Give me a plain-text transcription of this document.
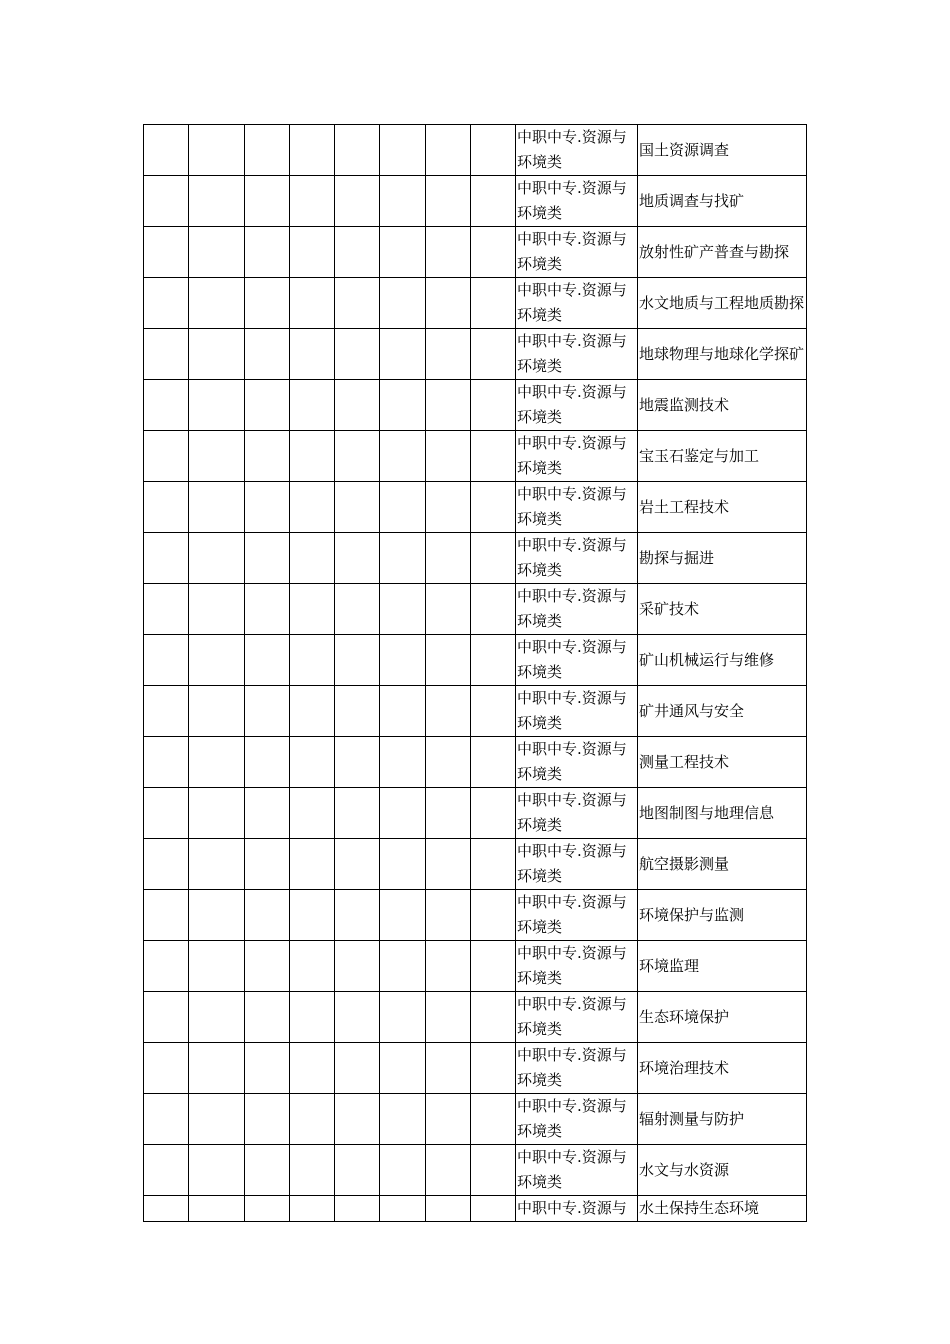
								中职中专.资源与环境类	国土资源调查
								中职中专.资源与环境类	地质调查与找矿
								中职中专.资源与环境类	放射性矿产普查与勘探
								中职中专.资源与环境类	水文地质与工程地质勘探
								中职中专.资源与环境类	地球物理与地球化学探矿
								中职中专.资源与环境类	地震监测技术
								中职中专.资源与环境类	宝玉石鉴定与加工
								中职中专.资源与环境类	岩土工程技术
								中职中专.资源与环境类	勘探与掘进
								中职中专.资源与环境类	采矿技术
								中职中专.资源与环境类	矿山机械运行与维修
								中职中专.资源与环境类	矿井通风与安全
								中职中专.资源与环境类	测量工程技术
								中职中专.资源与环境类	地图制图与地理信息
								中职中专.资源与环境类	航空摄影测量
								中职中专.资源与环境类	环境保护与监测
								中职中专.资源与环境类	环境监理
								中职中专.资源与环境类	生态环境保护
								中职中专.资源与环境类	环境治理技术
								中职中专.资源与环境类	辐射测量与防护
								中职中专.资源与环境类	水文与水资源
								中职中专.资源与	水土保持生态环境
